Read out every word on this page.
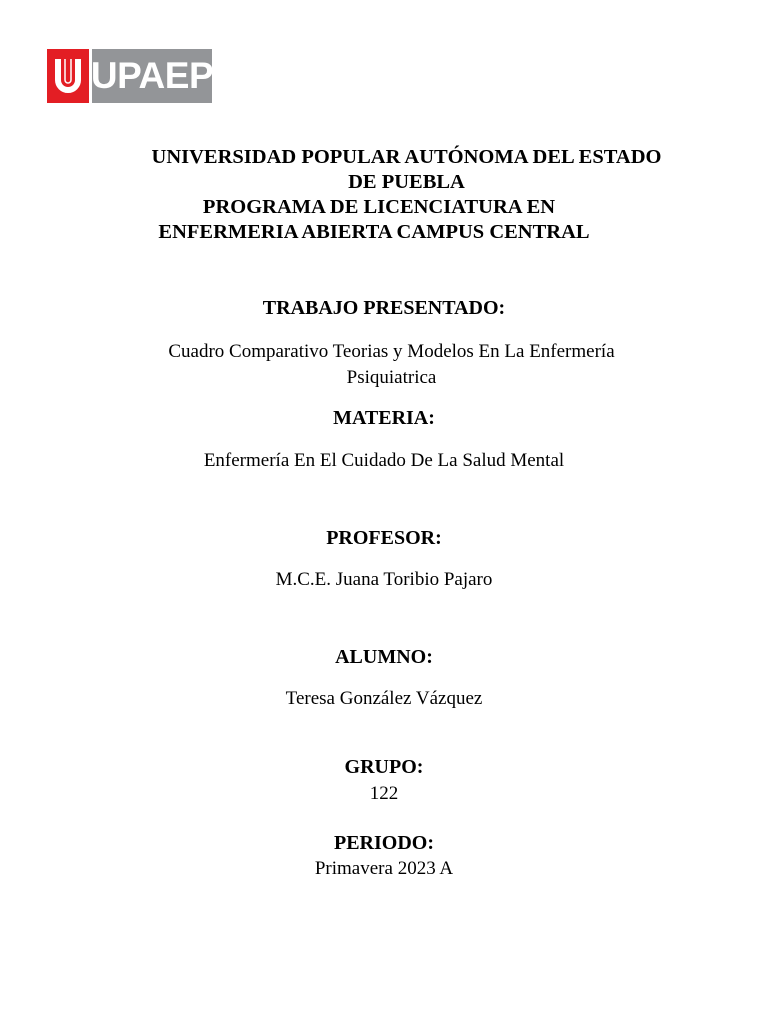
UPAEP
UNIVERSIDAD POPULAR AUTÓNOMA DEL ESTADO
DE PUEBLA
PROGRAMA DE LICENCIATURA EN
ENFERMERIA ABIERTA CAMPUS CENTRAL
TRABAJO PRESENTADO:
Cuadro Comparativo Teorias y Modelos En La Enfermería
Psiquiatrica
MATERIA:
Enfermería En El Cuidado De La Salud Mental
PROFESOR:
M.C.E. Juana Toribio Pajaro
ALUMNO:
Teresa González Vázquez
GRUPO:
122
PERIODO:
Primavera 2023 A
